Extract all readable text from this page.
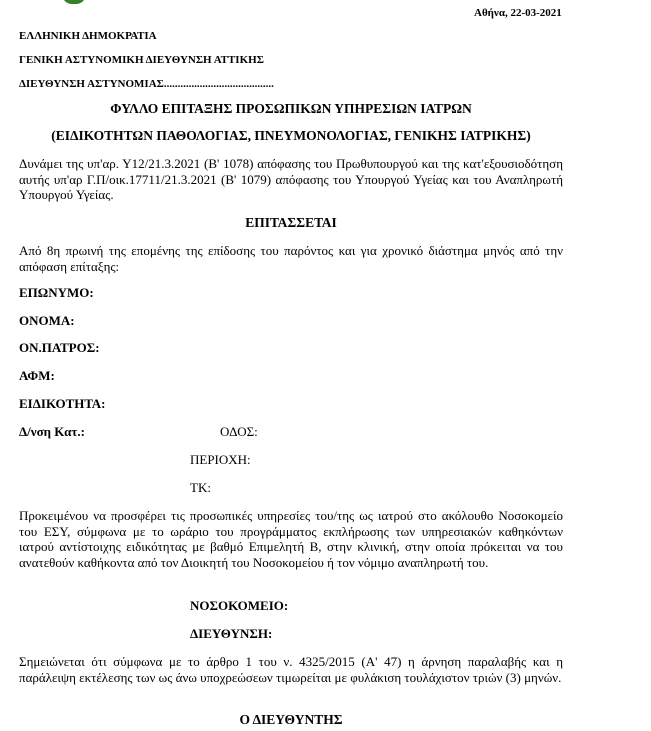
Αθήνα, 22-03-2021
ΕΛΛΗΝΙΚΗ ΔΗΜΟΚΡΑΤΙΑ
ΓΕΝΙΚΗ ΑΣΤΥΝΟΜΙΚΗ ΔΙΕΥΘΥΝΣΗ ΑΤΤΙΚΗΣ
ΔΙΕΥΘΥΝΣΗ ΑΣΤΥΝΟΜΙΑΣ........................................
ΦΥΛΛΟ ΕΠΙΤΑΞΗΣ ΠΡΟΣΩΠΙΚΩΝ ΥΠΗΡΕΣΙΩΝ ΙΑΤΡΩΝ
(ΕΙΔΙΚΟΤΗΤΩΝ ΠΑΘΟΛΟΓΙΑΣ, ΠΝΕΥΜΟΝΟΛΟΓΙΑΣ, ΓΕΝΙΚΗΣ ΙΑΤΡΙΚΗΣ)
Δυνάμει της υπ'αρ. Υ12/21.3.2021 (Β' 1078) απόφασης του Πρωθυπουργού και της κατ'εξουσιοδότηση αυτής υπ'αρ Γ.Π/οικ.17711/21.3.2021 (Β' 1079) απόφασης του Υπουργού Υγείας και του Αναπληρωτή Υπουργού Υγείας.
ΕΠΙΤΑΣΣΕΤΑΙ
Από 8η πρωινή της επομένης της επίδοσης του παρόντος και για χρονικό διάστημα μηνός από την απόφαση επίταξης:
ΕΠΩΝΥΜΟ:
ΟΝΟΜΑ:
ΟΝ.ΠΑΤΡΟΣ:
ΑΦΜ:
ΕΙΔΙΚΟΤΗΤΑ:
Δ/νση Κατ.:	ΟΔΟΣ:
ΠΕΡΙΟΧΗ:
ΤΚ:
Προκειμένου να προσφέρει τις προσωπικές υπηρεσίες του/της ως ιατρού στο ακόλουθο Νοσοκομείο του ΕΣΥ, σύμφωνα με το ωράριο του προγράμματος εκπλήρωσης των υπηρεσιακών καθηκόντων ιατρού αντίστοιχης ειδικότητας με βαθμό Επιμελητή Β, στην κλινική, στην οποία πρόκειται να του ανατεθούν καθήκοντα από τον Διοικητή του Νοσοκομείου ή τον νόμιμο αναπληρωτή του.
ΝΟΣΟΚΟΜΕΙΟ:
ΔΙΕΥΘΥΝΣΗ:
Σημειώνεται ότι σύμφωνα με το άρθρο 1 του ν. 4325/2015 (Α' 47) η άρνηση παραλαβής και η παράλειψη εκτέλεσης των ως άνω υποχρεώσεων τιμωρείται με φυλάκιση τουλάχιστον τριών (3) μηνών.
Ο ΔΙΕΥΘΥΝΤΗΣ
